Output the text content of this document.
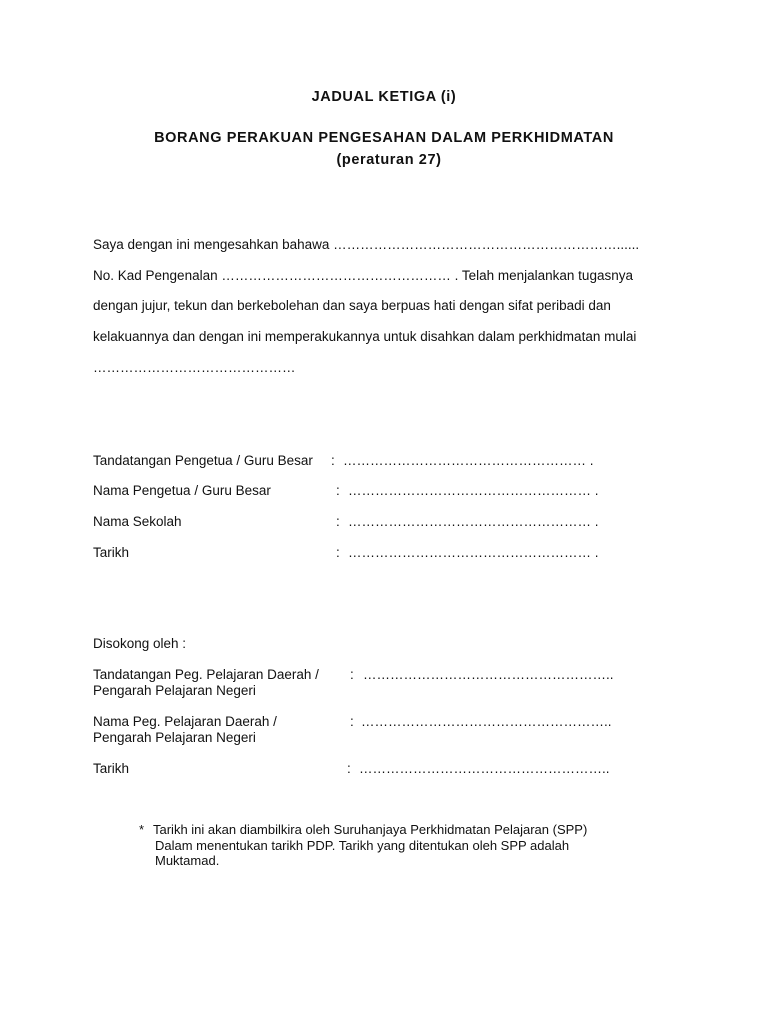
JADUAL KETIGA (i)
BORANG PERAKUAN PENGESAHAN DALAM PERKHIDMATAN
(peraturan 27)
Saya dengan ini mengesahkan bahawa ………………………………………………………......
No. Kad Pengenalan …………………………………………… . Telah menjalankan tugasnya
dengan jujur, tekun dan berkebolehan dan saya berpuas hati dengan sifat peribadi dan
kelakuannya dan dengan ini memperakukannya untuk disahkan dalam perkhidmatan mulai
………………………………………
Tandatangan Pengetua / Guru Besar : ……………………………………………… .
Nama Pengetua / Guru Besar	: ……………………………………………… .
Nama Sekolah	: ……………………………………………… .
Tarikh	: ……………………………………………… .
Disokong oleh :
Tandatangan Peg. Pelajaran Daerah /
Pengarah Pelajaran Negeri
: ………………………………………………..
Nama Peg. Pelajaran Daerah /
Pengarah Pelajaran Negeri
: ………………………………………………..
Tarikh	: ………………………………………………..
* Tarikh ini akan diambilkira oleh Suruhanjaya Perkhidmatan Pelajaran (SPP)
Dalam menentukan tarikh PDP. Tarikh yang ditentukan oleh SPP adalah
Muktamad.
